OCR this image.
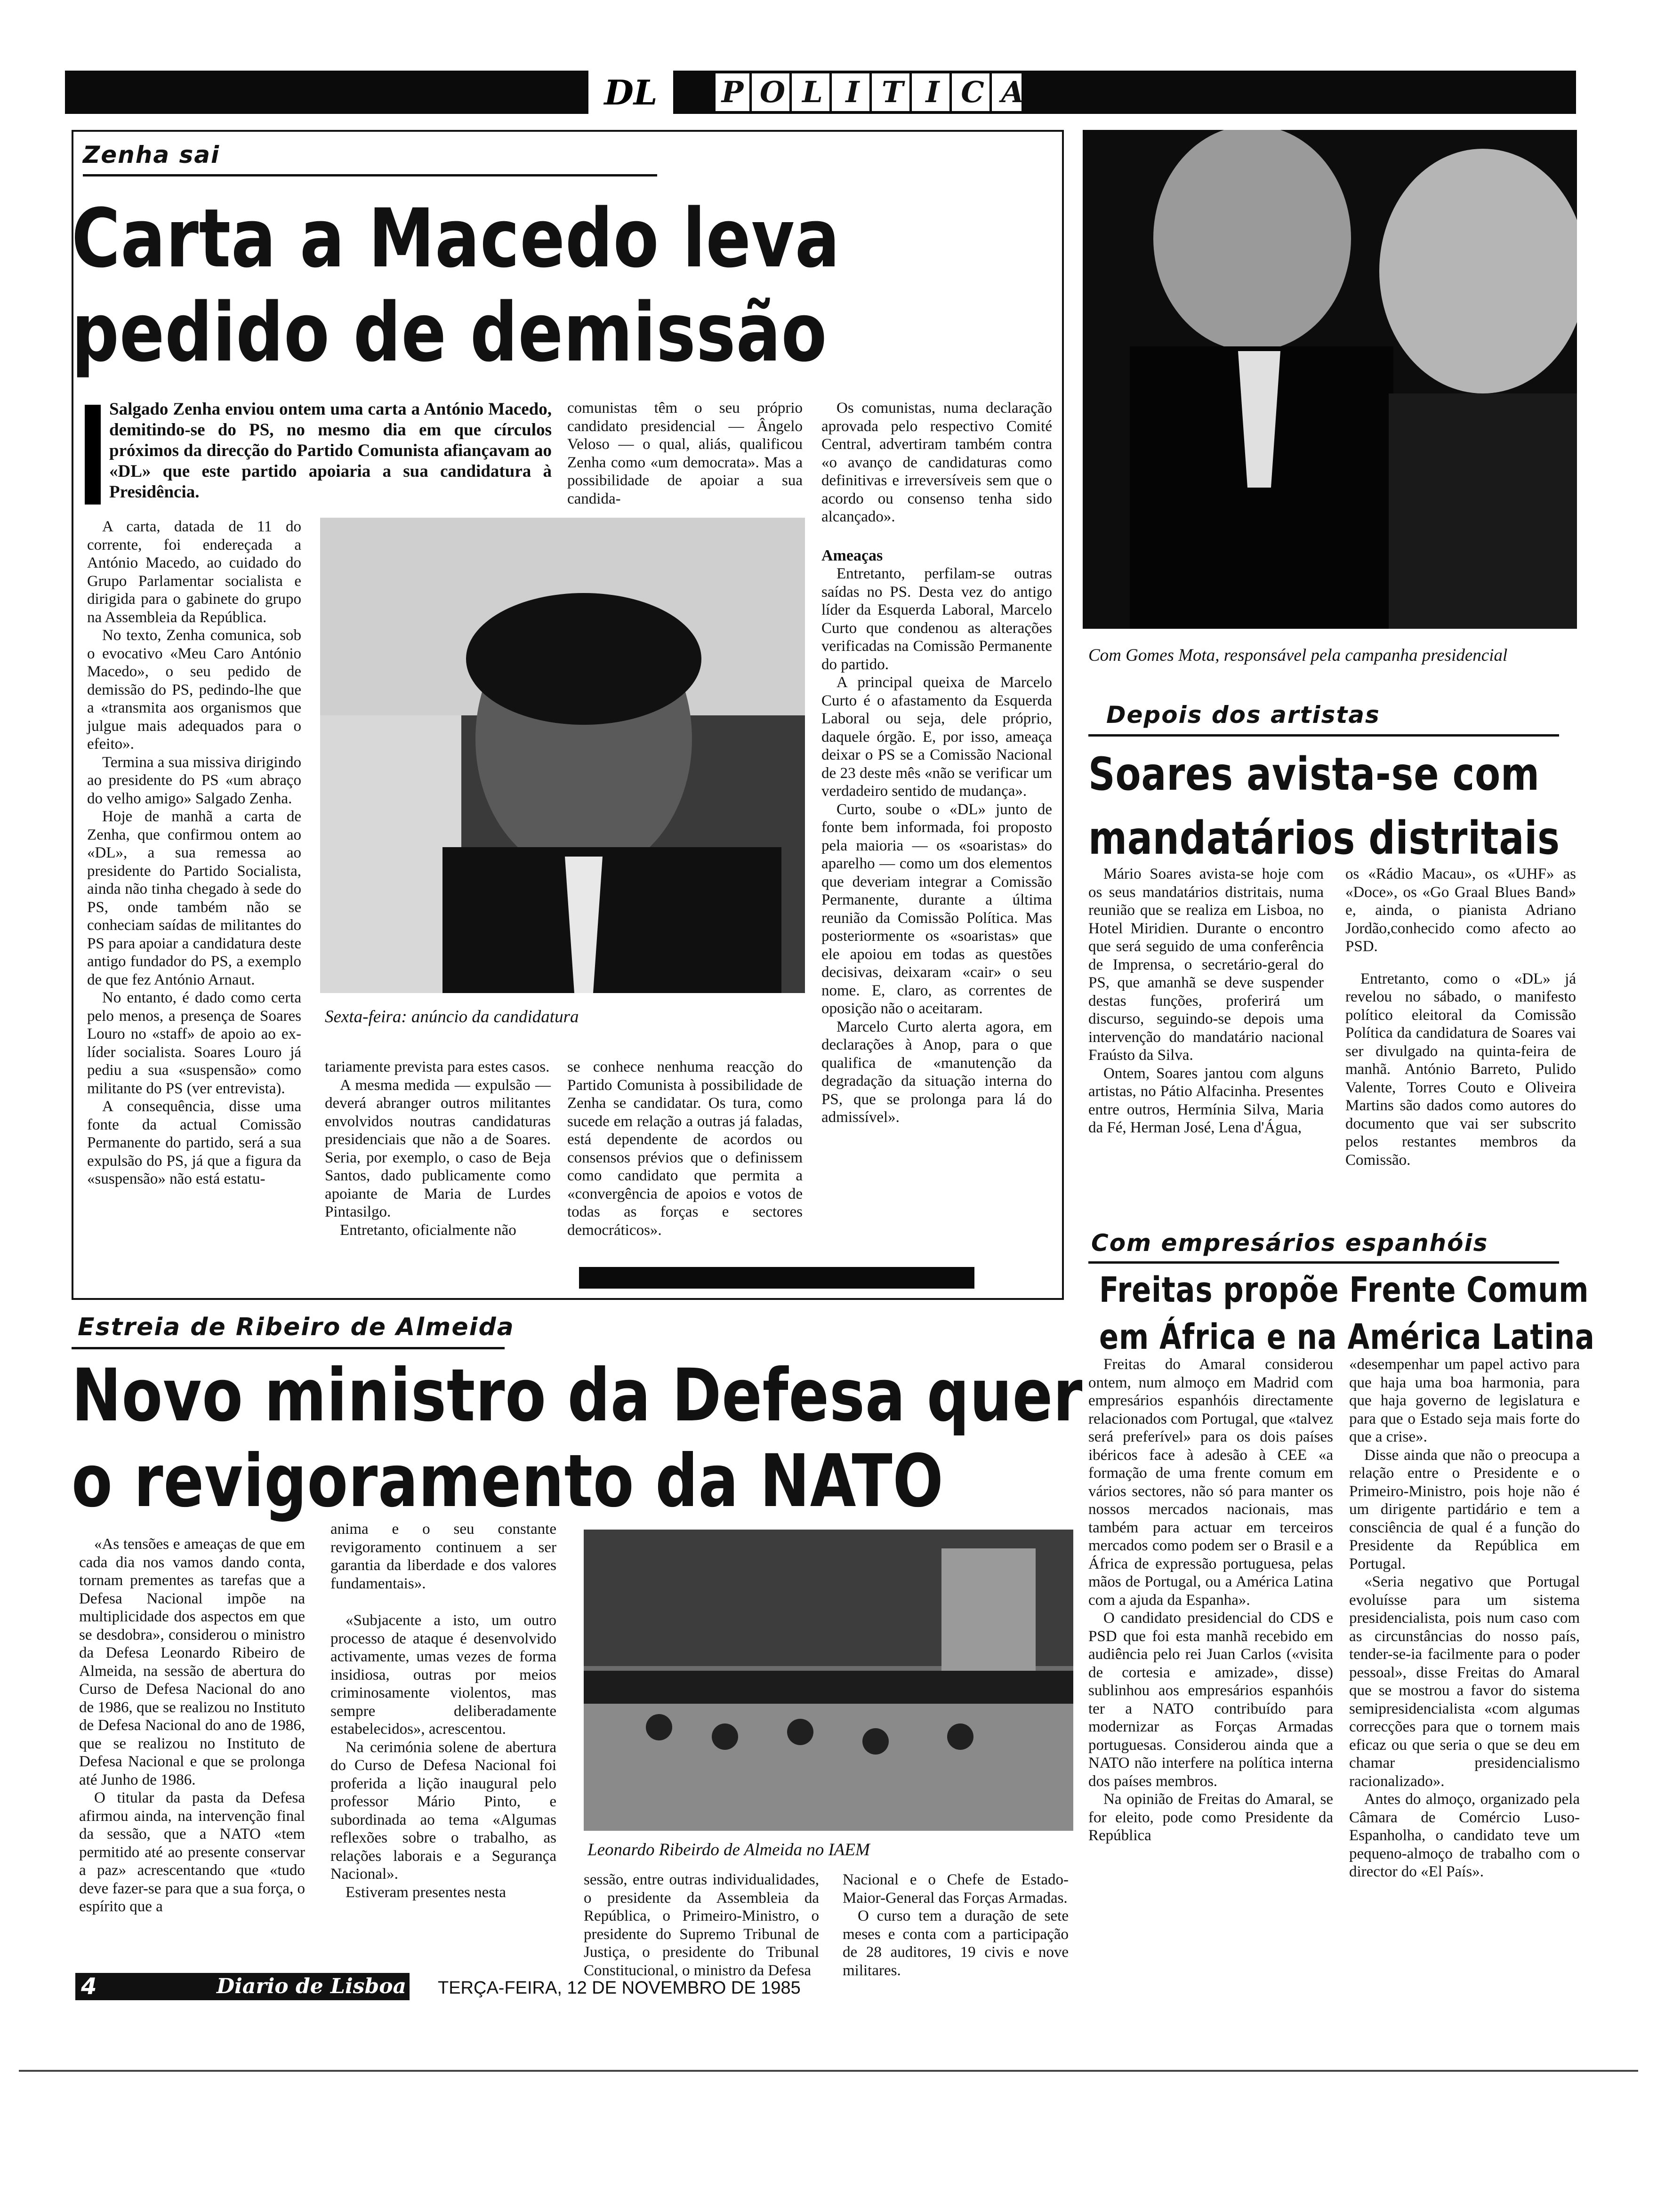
DL P O L I T I C A
Zenha sai
Carta a Macedo leva
pedido de demissão
Salgado Zenha enviou ontem uma carta a António Macedo, demitindo-se do PS, no mesmo dia em que círculos próximos da direcção do Partido Comunista afiançavam ao «DL» que este partido apoiaria a sua candidatura à Presidência.

A carta, datada de 11 do corrente, foi endereçada a António Macedo, ao cuidado do Grupo Parlamentar socialista e dirigida para o gabinete do grupo na Assembleia da República.

No texto, Zenha comunica, sob o evocativo «Meu Caro António Macedo», o seu pedido de demissão do PS, pedindo-lhe que a «transmita aos organismos que julgue mais adequados para o efeito».

Termina a sua missiva dirigindo ao presidente do PS «um abraço do velho amigo» Salgado Zenha.

Hoje de manhã a carta de Zenha, que confirmou ontem ao «DL», a sua remessa ao presidente do Partido Socialista, ainda não tinha chegado à sede do PS, onde também não se conheciam saídas de militantes do PS para apoiar a candidatura deste antigo fundador do PS, a exemplo de que fez António Arnaut.

No entanto, é dado como certa pelo menos, a presença de Soares Louro no «staff» de apoio ao ex-líder socialista. Soares Louro já pediu a sua «suspensão» como militante do PS (ver entrevista).

A consequência, disse uma fonte da actual Comissão Permanente do partido, será a sua expulsão do PS, já que a figura da «suspensão» não está estatu-

comunistas têm o seu próprio candidato presidencial — Ângelo Veloso — o qual, aliás, qualificou Zenha como «um democrata». Mas a possibilidade de apoiar a sua candida-

Sexta-feira: anúncio da candidatura

tariamente prevista para estes casos.

A mesma medida — expulsão — deverá abranger outros militantes envolvidos noutras candidaturas presidenciais que não a de Soares. Seria, por exemplo, o caso de Beja Santos, dado publicamente como apoiante de Maria de Lurdes Pintasilgo.

Entretanto, oficialmente não

se conhece nenhuma reacção do Partido Comunista à possibilidade de Zenha se candidatar. Os tura, como sucede em relação a outras já faladas, está dependente de acordos ou consensos prévios que o definissem como candidato que permita a «convergência de apoios e votos de todas as forças e sectores democráticos».

Os comunistas, numa declaração aprovada pelo respectivo Comité Central, advertiram também contra «o avanço de candidaturas como definitivas e irreversíveis sem que o acordo ou consenso tenha sido alcançado».

Ameaças

Entretanto, perfilam-se outras saídas no PS. Desta vez do antigo líder da Esquerda Laboral, Marcelo Curto que condenou as alterações verificadas na Comissão Permanente do partido.

A principal queixa de Marcelo Curto é o afastamento da Esquerda Laboral ou seja, dele próprio, daquele órgão. E, por isso, ameaça deixar o PS se a Comissão Nacional de 23 deste mês «não se verificar um verdadeiro sentido de mudança».

Curto, soube o «DL» junto de fonte bem informada, foi proposto pela maioria — os «soaristas» do aparelho — como um dos elementos que deveriam integrar a Comissão Permanente, durante a última reunião da Comissão Política. Mas posteriormente os «soaristas» que ele apoiou em todas as questões decisivas, deixaram «cair» o seu nome. E, claro, as correntes de oposição não o aceitaram.

Marcelo Curto alerta agora, em declarações à Anop, para o que qualifica de «manutenção da degradação da situação interna do PS, que se prolonga para lá do admissível».

Com Gomes Mota, responsável pela campanha presidencial
Depois dos artistas
Soares avista-se com
mandatários distritais

Mário Soares avista-se hoje com os seus mandatários distritais, numa reunião que se realiza em Lisboa, no Hotel Miridien. Durante o encontro que será seguido de uma conferência de Imprensa, o secretário-geral do PS, que amanhã se deve suspender destas funções, proferirá um discurso, seguindo-se depois uma intervenção do mandatário nacional Fraústo da Silva.

Ontem, Soares jantou com alguns artistas, no Pátio Alfacinha. Presentes entre outros, Hermínia Silva, Maria da Fé, Herman José, Lena d'Água,

os «Rádio Macau», os «UHF» as «Doce», os «Go Graal Blues Band» e, ainda, o pianista Adriano Jordão,conhecido como afecto ao PSD.

Entretanto, como o «DL» já revelou no sábado, o manifesto político eleitoral da Comissão Política da candidatura de Soares vai ser divulgado na quinta-feira de manhã. António Barreto, Pulido Valente, Torres Couto e Oliveira Martins são dados como autores do documento que vai ser subscrito pelos restantes membros da Comissão.

Com empresários espanhóis
Freitas propõe Frente Comum
em África e na América Latina

Freitas do Amaral considerou ontem, num almoço em Madrid com empresários espanhóis directamente relacionados com Portugal, que «talvez será preferível» para os dois países ibéricos face à adesão à CEE «a formação de uma frente comum em vários sectores, não só para manter os nossos mercados nacionais, mas também para actuar em terceiros mercados como podem ser o Brasil e a África de expressão portuguesa, pelas mãos de Portugal, ou a América Latina com a ajuda da Espanha».

O candidato presidencial do CDS e PSD que foi esta manhã recebido em audiência pelo rei Juan Carlos («visita de cortesia e amizade», disse) sublinhou aos empresários espanhóis ter a NATO contribuído para modernizar as Forças Armadas portuguesas. Considerou ainda que a NATO não interfere na política interna dos países membros.

Na opinião de Freitas do Amaral, se for eleito, pode como Presidente da República

«desempenhar um papel activo para que haja uma boa harmonia, para que haja governo de legislatura e para que o Estado seja mais forte do que a crise».

Disse ainda que não o preocupa a relação entre o Presidente e o Primeiro-Ministro, pois hoje não é um dirigente partidário e tem a consciência de qual é a função do Presidente da República em Portugal.

«Seria negativo que Portugal evoluísse para um sistema presidencialista, pois num caso com as circunstâncias do nosso país, tender-se-ia facilmente para o poder pessoal», disse Freitas do Amaral que se mostrou a favor do sistema semipresidencialista «com algumas correcções para que o tornem mais eficaz ou que seria o que se deu em chamar presidencialismo racionalizado».

Antes do almoço, organizado pela Câmara de Comércio Luso-Espanholha, o candidato teve um pequeno-almoço de trabalho com o director do «El País».

Estreia de Ribeiro de Almeida
Novo ministro da Defesa quer
o revigoramento da NATO

«As tensões e ameaças de que em cada dia nos vamos dando conta, tornam prementes as tarefas que a Defesa Nacional impõe na multiplicidade dos aspectos em que se desdobra», considerou o ministro da Defesa Leonardo Ribeiro de Almeida, na sessão de abertura do Curso de Defesa Nacional do ano de 1986, que se realizou no Instituto de Defesa Nacional do ano de 1986, que se realizou no Instituto de Defesa Nacional e que se prolonga até Junho de 1986.

O titular da pasta da Defesa afirmou ainda, na intervenção final da sessão, que a NATO «tem permitido até ao presente conservar a paz» acrescentando que «tudo deve fazer-se para que a sua força, o espírito que a

anima e o seu constante revigoramento continuem a ser garantia da liberdade e dos valores fundamentais».

«Subjacente a isto, um outro processo de ataque é desenvolvido activamente, umas vezes de forma insidiosa, outras por meios criminosamente violentos, mas sempre deliberadamente estabelecidos», acrescentou.

Na cerimónia solene de abertura do Curso de Defesa Nacional foi proferida a lição inaugural pelo professor Mário Pinto, e subordinada ao tema «Algumas reflexões sobre o trabalho, as relações laborais e a Segurança Nacional».

Estiveram presentes nesta

Leonardo Ribeirdo de Almeida no IAEM

sessão, entre outras individualidades, o presidente da Assembleia da República, o Primeiro-Ministro, o presidente do Supremo Tribunal de Justiça, o presidente do Tribunal Constitucional, o ministro da Defesa

Nacional e o Chefe de Estado-Maior-General das Forças Armadas.

O curso tem a duração de sete meses e conta com a participação de 28 auditores, 19 civis e nove militares.

4	Diario de Lisboa TERÇA-FEIRA, 12 DE NOVEMBRO DE 1985
